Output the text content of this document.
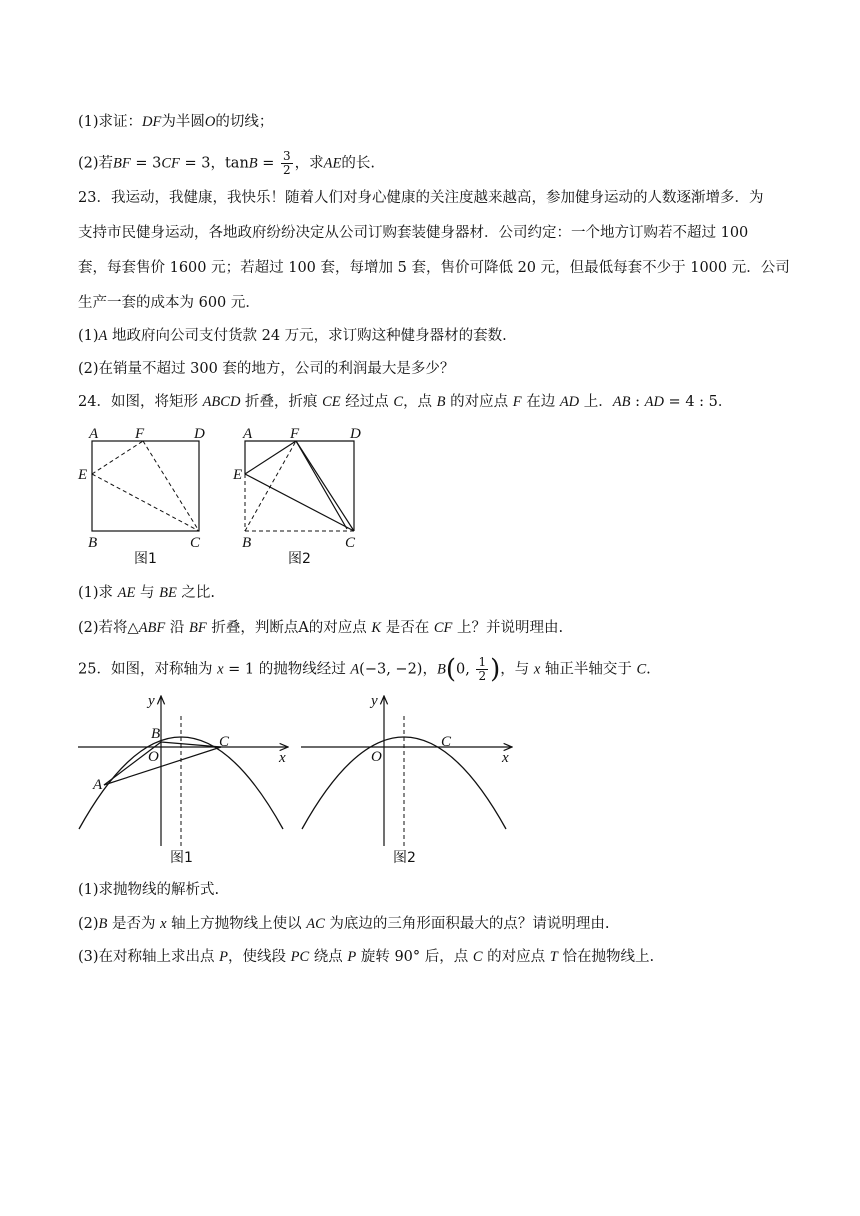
(1)求证：DF为半圆O的切线；
(2)若BF = 3CF = 3，$\tan B = \frac{3}{2}$ ，求AE的长.
23．我运动，我健康，我快乐！随着人们对身心健康的关注度越来越高，参加健身运动的人数逐渐增多．为
支持市民健身运动，各地政府纷纷决定从公司订购套装健身器材．公司约定：一个地方订购若不超过 100
套，每套售价 1600 元；若超过 100 套，每增加 5 套，售价可降低 20 元，但最低每套不少于 1000 元．公司
生产一套的成本为 600 元．
(1)A 地政府向公司支付货款 24 万元，求订购这种健身器材的套数.
(2)在销量不超过 300 套的地方，公司的利润最大是多少？
24．如图，将矩形 ABCD 折叠，折痕 CE 经过点 C，点 B 的对应点 F 在边 AD 上．AB : AD = 4 : 5．
A F	D
E
B	C
图1
A	F	D
E
B	C
图2
(1)求 AE 与 BE 之比.
(2)若将△ABF 沿 BF 折叠，判断点A的对应点 K 是否在 CF 上？并说明理由.
25．如图，对称轴为 x = 1 的抛物线经过 A(−3, −2)，B(0, $\frac{1}{2}$ )，与 x 轴正半轴交于 C.
y
x
O
A
B	C
图1
y
x
O
C
图2
(1)求抛物线的解析式.
(2)B 是否为 x 轴上方抛物线上使以 AC 为底边的三角形面积最大的点？请说明理由.
(3)在对称轴上求出点 P，使线段 PC 绕点 P 旋转 90° 后，点 C 的对应点 T 恰在抛物线上.
